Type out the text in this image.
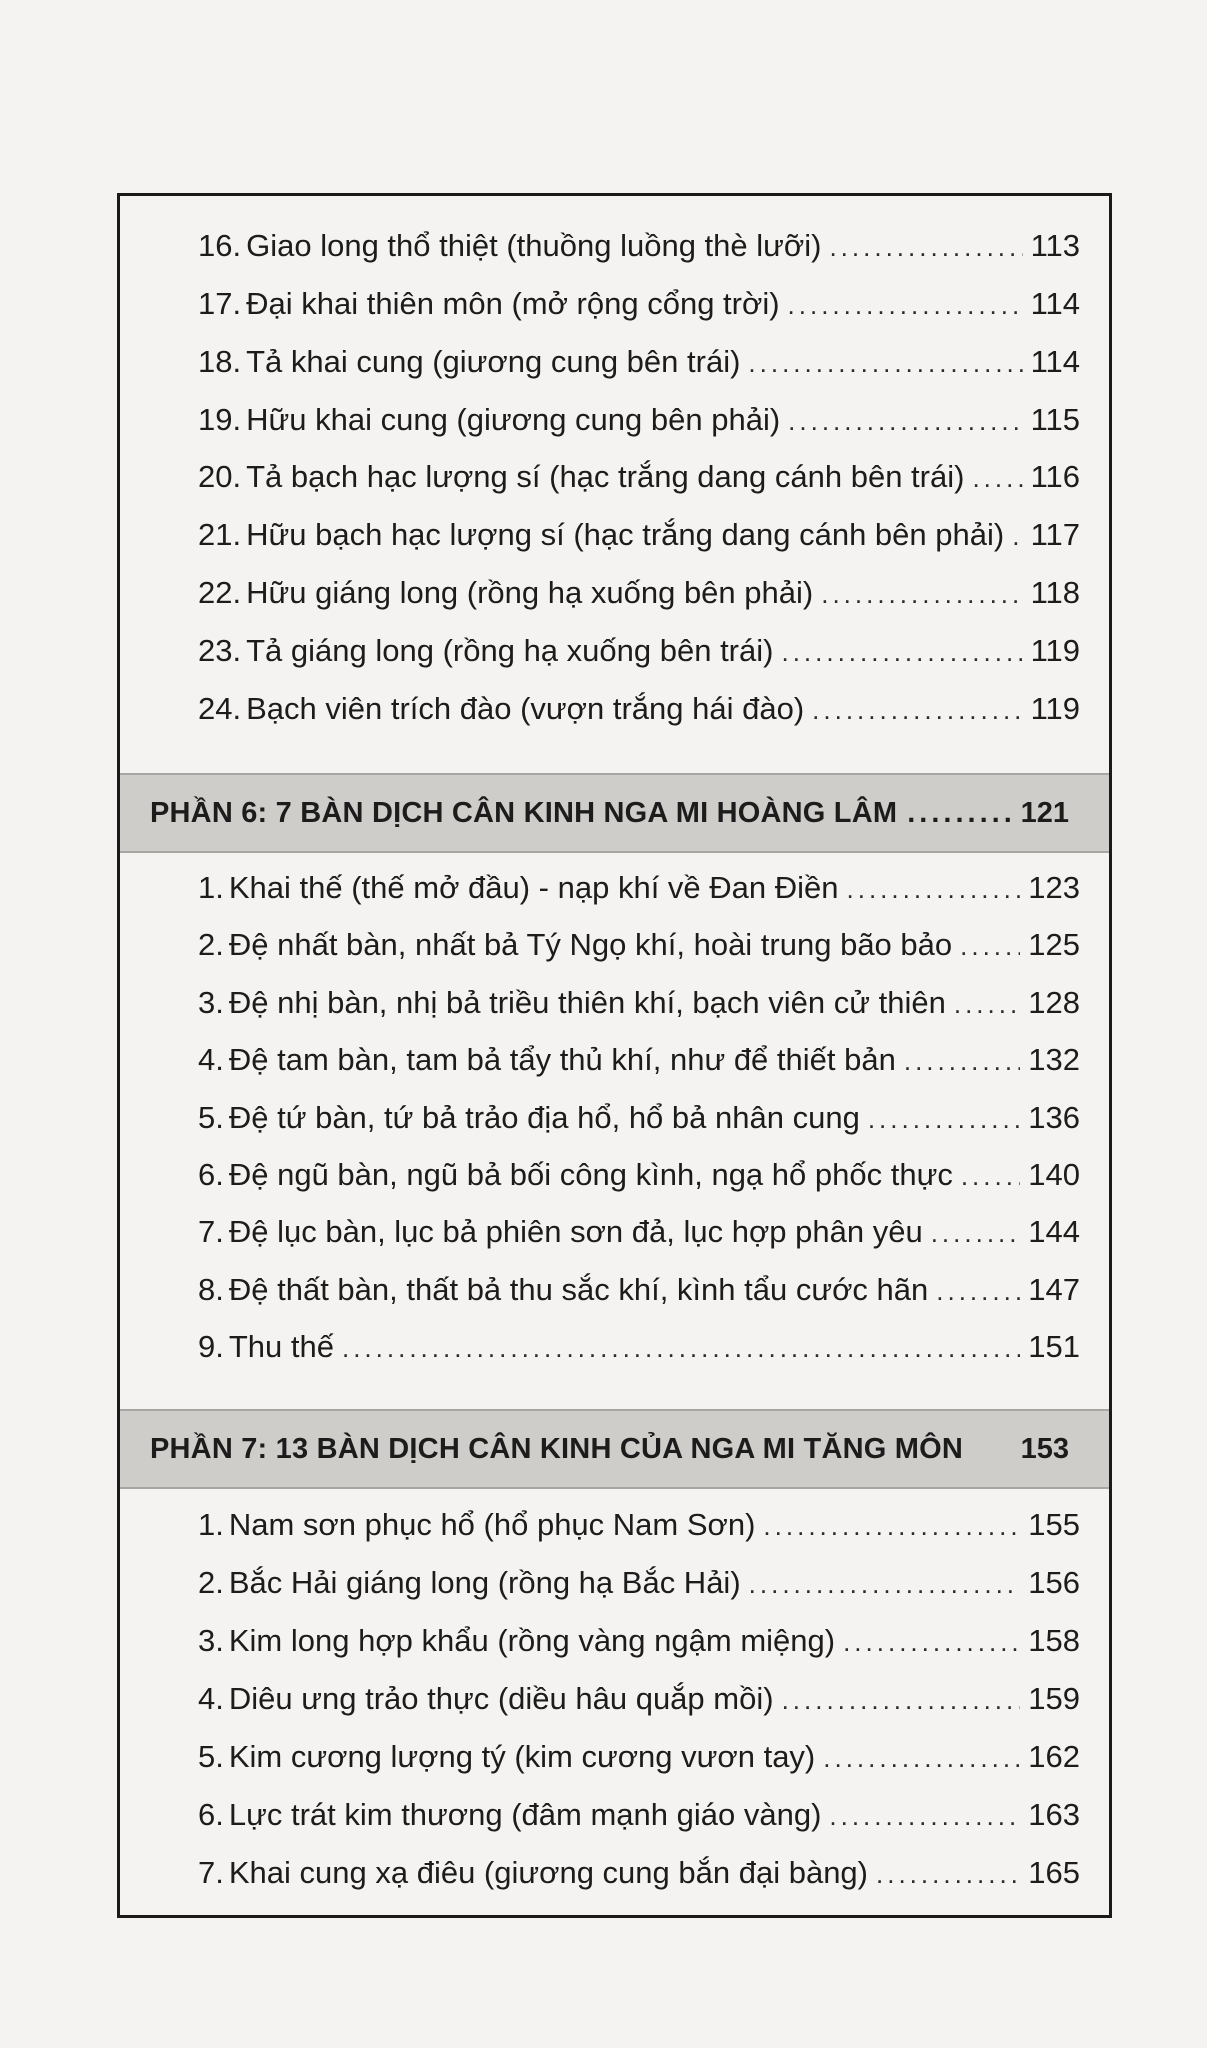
16. Giao long thổ thiệt (thuồng luồng thè lưỡi) .....	113
17. Đại khai thiên môn (mở rộng cổng trời) .....	114
18. Tả khai cung (giương cung bên trái) .....	114
19. Hữu khai cung (giương cung bên phải) .....	115
20. Tả bạch hạc lượng sí (hạc trắng dang cánh bên trái) ..... 116
21. Hữu bạch hạc lượng sí (hạc trắng dang cánh bên phải) ..... 117
22. Hữu giáng long (rồng hạ xuống bên phải) .....	118
23. Tả giáng long (rồng hạ xuống bên trái) .....	119
24. Bạch viên trích đào (vượn trắng hái đào) .....	119
PHẦN 6: 7 BÀN DỊCH CÂN KINH NGA MI HOÀNG LÂM .....	121
1. Khai thế (thế mở đầu) - nạp khí về Đan Điền .....	123
2. Đệ nhất bàn, nhất bả Tý Ngọ khí, hoài trung bão bảo ..... 125
3. Đệ nhị bàn, nhị bả triều thiên khí, bạch viên cử thiên .....	128
4. Đệ tam bàn, tam bả tẩy thủ khí, như để thiết bản .....	132
5. Đệ tứ bàn, tứ bả trảo địa hổ, hổ bả nhân cung .....	136
6. Đệ ngũ bàn, ngũ bả bối công kình, ngạ hổ phốc thực ..... 140
7. Đệ lục bàn, lục bả phiên sơn đả, lục hợp phân yêu .....	144
8. Đệ thất bàn, thất bả thu sắc khí, kình tẩu cước hãn .....	147
9. Thu thế .....	151
PHẦN 7: 13 BÀN DỊCH CÂN KINH CỦA NGA MI TĂNG MÔN 153
1. Nam sơn phục hổ (hổ phục Nam Sơn) .....	155
2. Bắc Hải giáng long (rồng hạ Bắc Hải) .....	156
3. Kim long hợp khẩu (rồng vàng ngậm miệng) .....	158
4. Diêu ưng trảo thực (diều hâu quắp mồi) .....	159
5. Kim cương lượng tý (kim cương vươn tay) .....	162
6. Lực trát kim thương (đâm mạnh giáo vàng) .....	163
7. Khai cung xạ điêu (giương cung bắn đại bàng) .....	165
